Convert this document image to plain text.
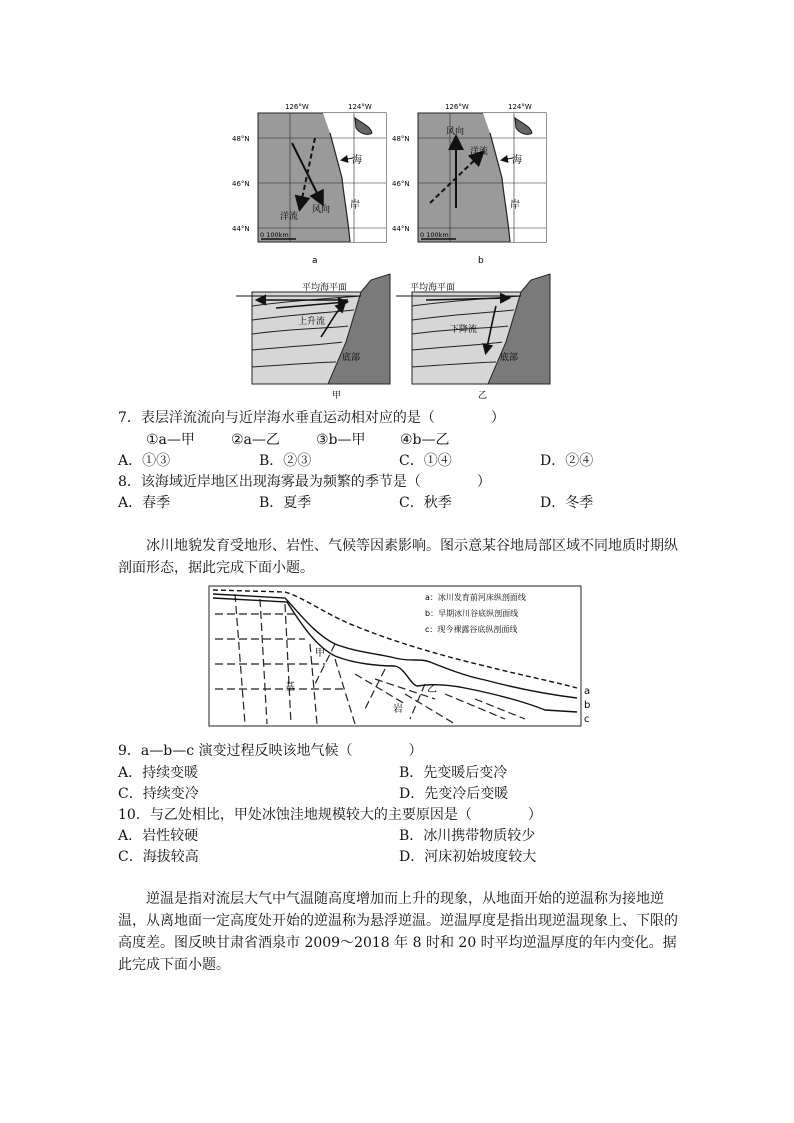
126°W	124°W
48°N
46°N
44°N
海
岸
风向
洋流
0 100km
a
126°W	124°W
48°N
46°N
44°N
海
岸
风向
洋流
0 100km
b
平均海平面
上升流
底部
甲
平均海平面
下降流
底部
乙
7．表层洋流流向与近岸海水垂直运动相对应的是（　　　　）
①a—甲	②a—乙	③b—甲 ④b—乙
A．①③	B．②③	C．①④	D．②④
8．该海域近岸地区出现海雾最为频繁的季节是（　　　　）
A．春季	B．夏季	C．秋季	D．冬季
冰川地貌发育受地形、岩性、气候等因素影响。图示意某谷地局部区域不同地质时期纵剖面形态，据此完成下面小题。
甲
乙
基
岩
a：冰川发育前河床纵剖面线
b：早期冰川谷底纵剖面线
c：现今裸露谷底纵剖面线
a
b
c
9．a—b—c 演变过程反映该地气候（　　　　）
A．持续变暖	B．先变暖后变冷
C．持续变冷	D．先变冷后变暖
10．与乙处相比，甲处冰蚀洼地规模较大的主要原因是（　　　　）
A．岩性较硬	B．冰川携带物质较少
C．海拔较高	D．河床初始坡度较大
逆温是指对流层大气中气温随高度增加而上升的现象，从地面开始的逆温称为接地逆温，从离地面一定高度处开始的逆温称为悬浮逆温。逆温厚度是指出现逆温现象上、下限的高度差。图反映甘肃省酒泉市 2009～2018 年 8 时和 20 时平均逆温厚度的年内变化。据此完成下面小题。
